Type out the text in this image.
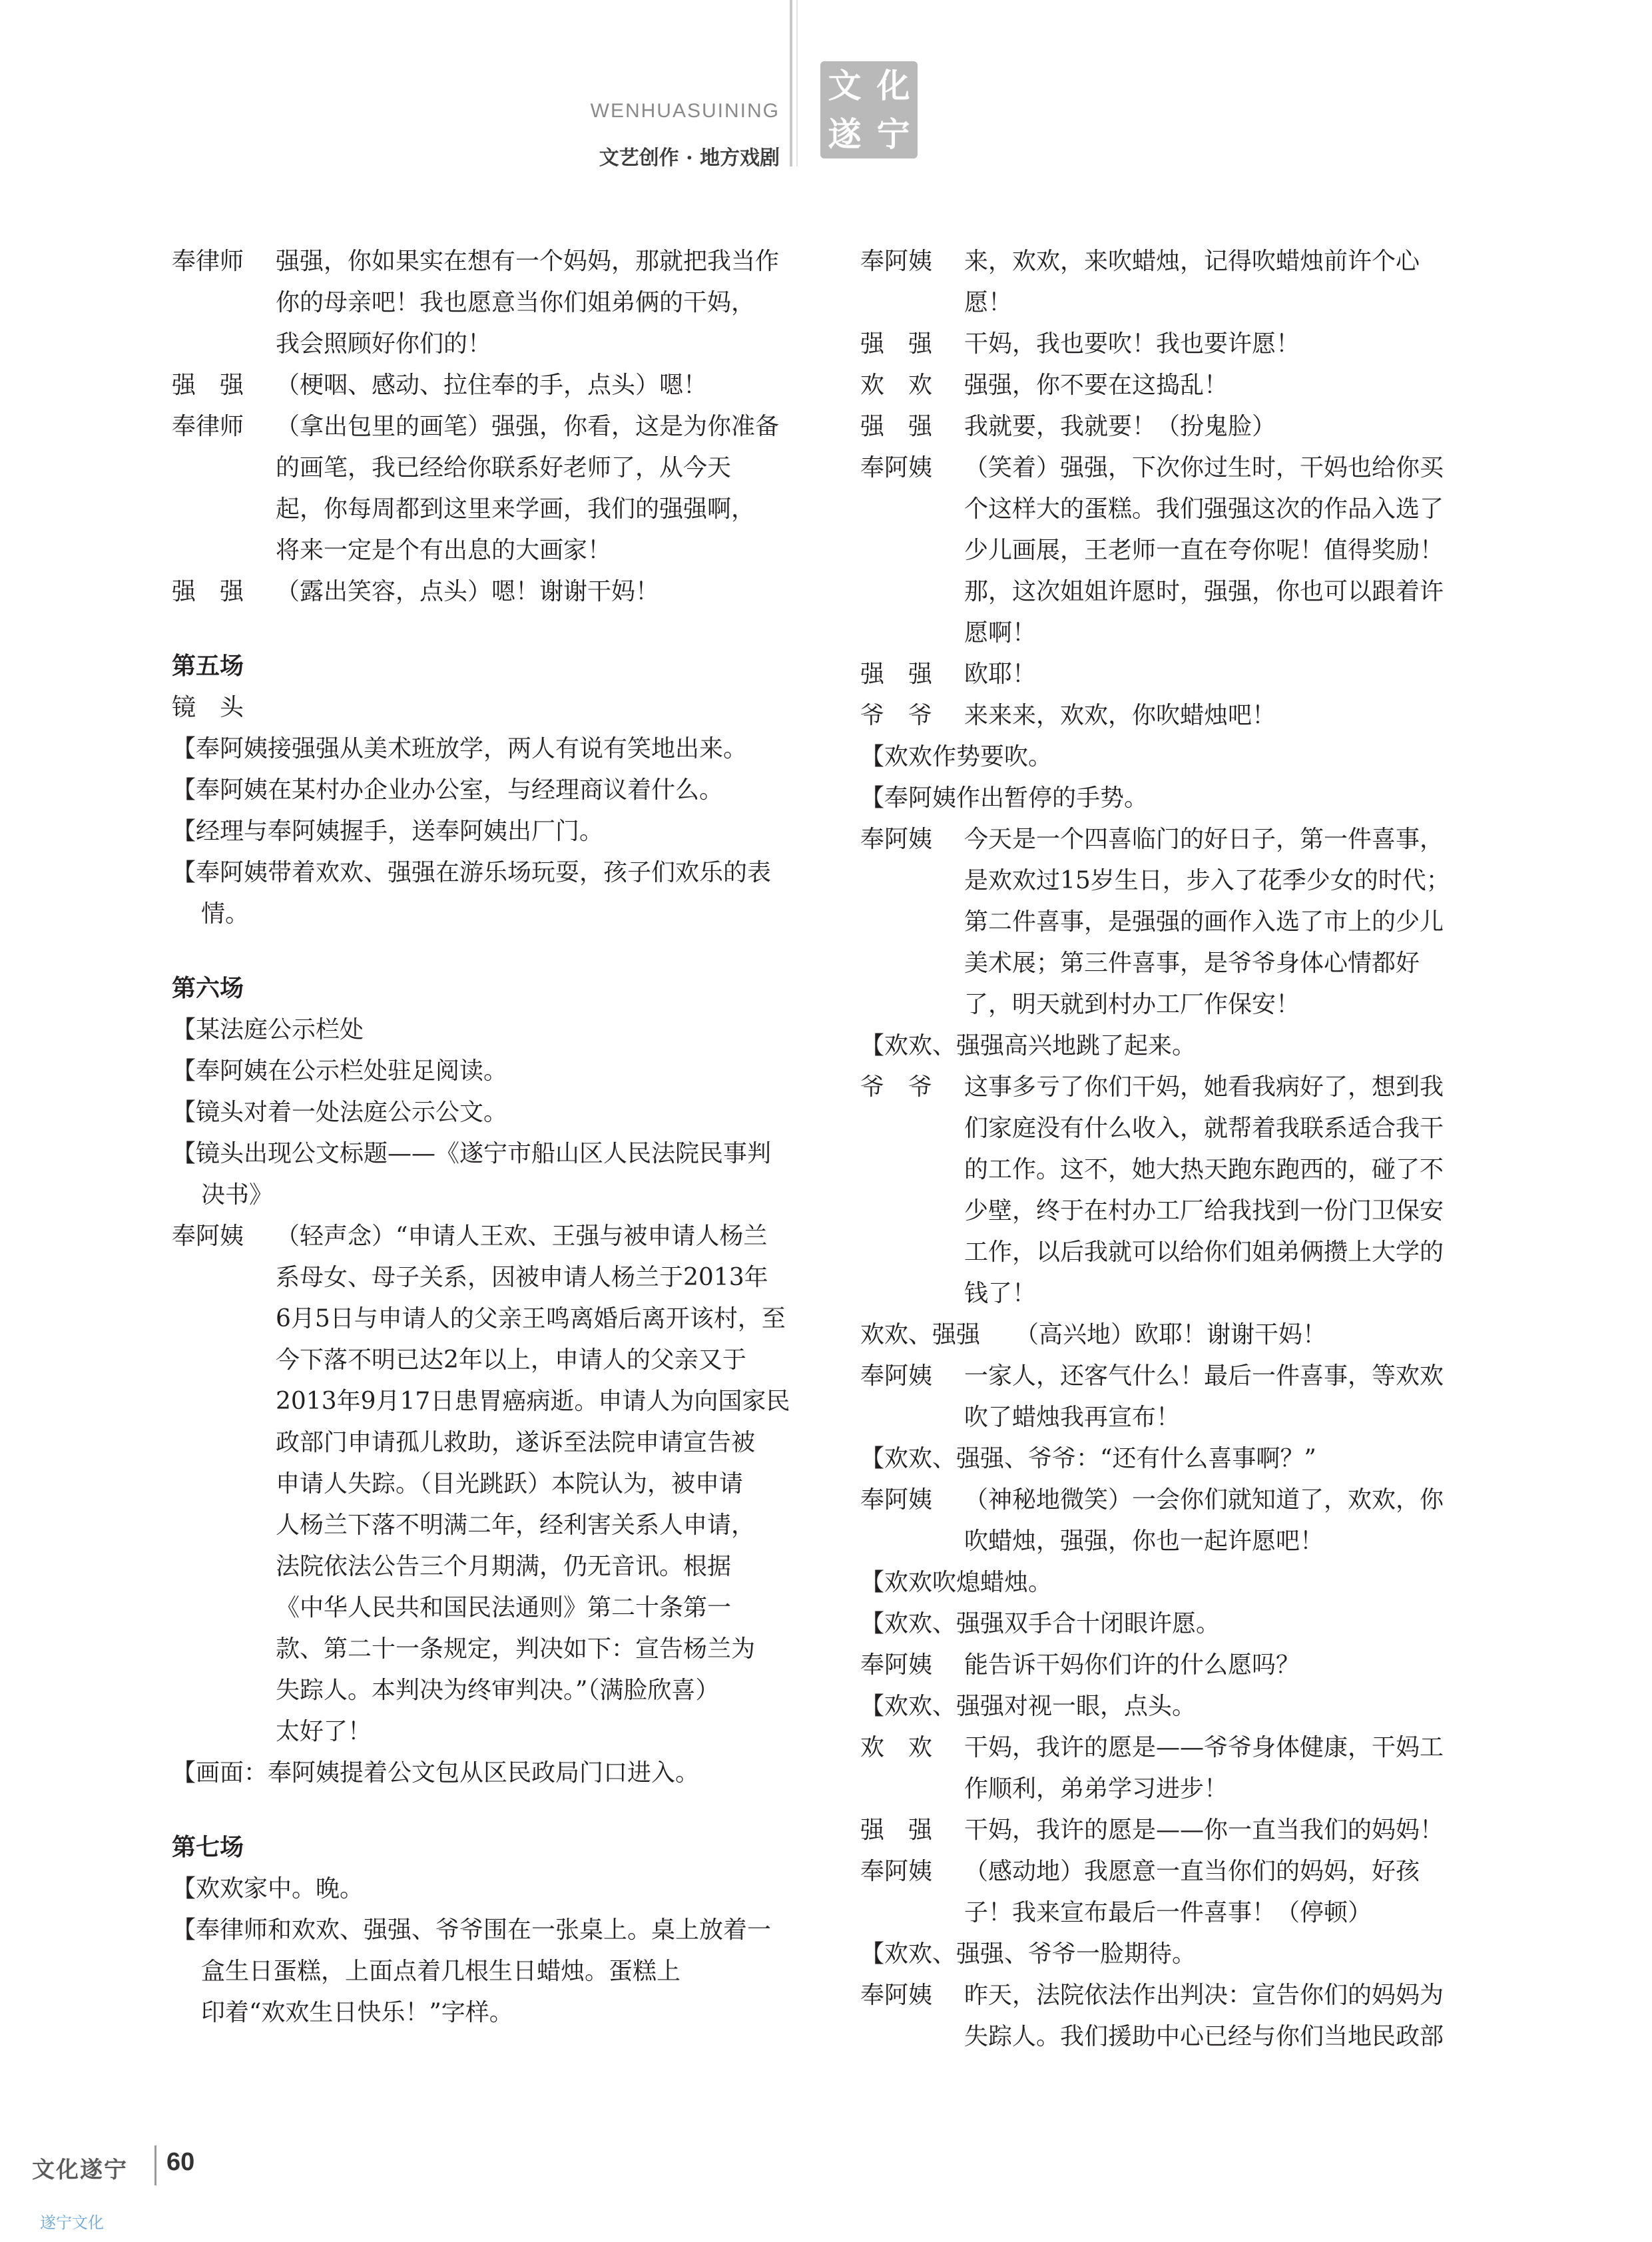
WENHUASUINING
文艺创作 · 地方戏剧
文 化
遂 宁
奉律师 强强，你如果实在想有一个妈妈，那就把我当作
你的母亲吧！我也愿意当你们姐弟俩的干妈，
我会照顾好你们的！
强　强 （梗咽、感动、拉住奉的手，点头）嗯！
奉律师 （拿出包里的画笔）强强，你看，这是为你准备
的画笔，我已经给你联系好老师了，从今天
起，你每周都到这里来学画，我们的强强啊，
将来一定是个有出息的大画家！
强　强 （露出笑容，点头）嗯！谢谢干妈！
第五场
镜　头
【奉阿姨接强强从美术班放学，两人有说有笑地出来。
【奉阿姨在某村办企业办公室，与经理商议着什么。
【经理与奉阿姨握手，送奉阿姨出厂门。
【奉阿姨带着欢欢、强强在游乐场玩耍，孩子们欢乐的表
情。
第六场
【某法庭公示栏处
【奉阿姨在公示栏处驻足阅读。
【镜头对着一处法庭公示公文。
【镜头出现公文标题——《遂宁市船山区人民法院民事判
决书》
奉阿姨 （轻声念）“申请人王欢、王强与被申请人杨兰
系母女、母子关系，因被申请人杨兰于2013年
6月5日与申请人的父亲王鸣离婚后离开该村，至
今下落不明已达2年以上，申请人的父亲又于
2013年9月17日患胃癌病逝。申请人为向国家民
政部门申请孤儿救助，遂诉至法院申请宣告被
申请人失踪。（目光跳跃）本院认为，被申请
人杨兰下落不明满二年，经利害关系人申请，
法院依法公告三个月期满，仍无音讯。根据
《中华人民共和国民法通则》第二十条第一
款、第二十一条规定，判决如下：宣告杨兰为
失踪人。本判决为终审判决。”（满脸欣喜）
太好了！
【画面：奉阿姨提着公文包从区民政局门口进入。
第七场
【欢欢家中。晚。
【奉律师和欢欢、强强、爷爷围在一张桌上。桌上放着一
盒生日蛋糕，上面点着几根生日蜡烛。蛋糕上
印着“欢欢生日快乐！”字样。
奉阿姨 来，欢欢，来吹蜡烛，记得吹蜡烛前许个心
愿！
强　强 干妈，我也要吹！我也要许愿！
欢　欢 强强，你不要在这捣乱！
强　强 我就要，我就要！（扮鬼脸）
奉阿姨 （笑着）强强，下次你过生时，干妈也给你买
个这样大的蛋糕。我们强强这次的作品入选了
少儿画展，王老师一直在夸你呢！值得奖励！
那，这次姐姐许愿时，强强，你也可以跟着许
愿啊！
强　强 欧耶！
爷　爷 来来来，欢欢，你吹蜡烛吧！
【欢欢作势要吹。
【奉阿姨作出暂停的手势。
奉阿姨 今天是一个四喜临门的好日子，第一件喜事，
是欢欢过15岁生日，步入了花季少女的时代；
第二件喜事，是强强的画作入选了市上的少儿
美术展；第三件喜事，是爷爷身体心情都好
了，明天就到村办工厂作保安！
【欢欢、强强高兴地跳了起来。
爷　爷 这事多亏了你们干妈，她看我病好了，想到我
们家庭没有什么收入，就帮着我联系适合我干
的工作。这不，她大热天跑东跑西的，碰了不
少壁，终于在村办工厂给我找到一份门卫保安
工作，以后我就可以给你们姐弟俩攒上大学的
钱了！
欢欢、强强 （高兴地）欧耶！谢谢干妈！
奉阿姨 一家人，还客气什么！最后一件喜事，等欢欢
吹了蜡烛我再宣布！
【欢欢、强强、爷爷：“还有什么喜事啊？”
奉阿姨 （神秘地微笑）一会你们就知道了，欢欢，你
吹蜡烛，强强，你也一起许愿吧！
【欢欢吹熄蜡烛。
【欢欢、强强双手合十闭眼许愿。
奉阿姨 能告诉干妈你们许的什么愿吗？
【欢欢、强强对视一眼，点头。
欢　欢 干妈，我许的愿是——爷爷身体健康，干妈工
作顺利，弟弟学习进步！
强　强 干妈，我许的愿是——你一直当我们的妈妈！
奉阿姨 （感动地）我愿意一直当你们的妈妈，好孩
子！我来宣布最后一件喜事！（停顿）
【欢欢、强强、爷爷一脸期待。
奉阿姨 昨天，法院依法作出判决：宣告你们的妈妈为
失踪人。我们援助中心已经与你们当地民政部
文化遂宁 60
遂宁文化
